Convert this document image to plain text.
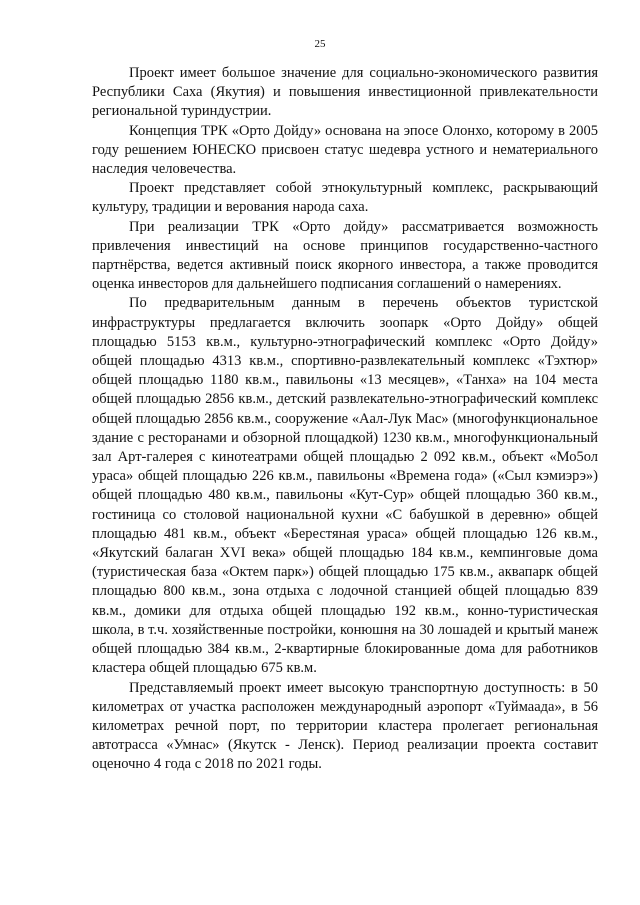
25

Проект имеет большое значение для социально-экономического развития Республики Саха (Якутия) и повышения инвестиционной привлекательности региональной туриндустрии.

Концепция ТРК «Орто Дойду» основана на эпосе Олонхо, которому в 2005 году решением ЮНЕСКО присвоен статус шедевра устного и нематериального наследия человечества.

Проект представляет собой этнокультурный комплекс, раскрывающий культуру, традиции и верования народа саха.

При реализации ТРК «Орто дойду» рассматривается возможность привлечения инвестиций на основе принципов государственно-частного партнёрства, ведется активный поиск якорного инвестора, а также проводится оценка инвесторов для дальнейшего подписания соглашений о намерениях.

По предварительным данным в перечень объектов туристской инфраструктуры предлагается включить зоопарк «Орто Дойду» общей площадью 5153 кв.м., культурно-этнографический комплекс «Орто Дойду» общей площадью 4313 кв.м., спортивно-развлекательный комплекс «Тэхтюр» общей площадью 1180 кв.м., павильоны «13 месяцев», «Танха» на 104 места общей площадью 2856 кв.м., детский развлекательно-этнографический комплекс общей площадью 2856 кв.м., сооружение «Аал-Лук Мас» (многофункциональное здание с ресторанами и обзорной площадкой) 1230 кв.м., многофункциональный зал Арт-галерея с кинотеатрами общей площадью 2 092 кв.м., объект «Мо5ол ураса» общей площадью 226 кв.м., павильоны «Времена года» («Сыл кэмиэрэ») общей площадью 480 кв.м., павильоны «Кут-Сур» общей площадью 360 кв.м., гостиница со столовой национальной кухни «С бабушкой в деревню» общей площадью 481 кв.м., объект «Берестяная ураса» общей площадью 126 кв.м., «Якутский балаган XVI века» общей площадью 184 кв.м., кемпинговые дома (туристическая база «Октем парк») общей площадью 175 кв.м., аквапарк общей площадью 800 кв.м., зона отдыха с лодочной станцией общей площадью 839 кв.м., домики для отдыха общей площадью 192 кв.м., конно-туристическая школа, в т.ч. хозяйственные постройки, конюшня на 30 лошадей и крытый манеж общей площадью 384 кв.м., 2-квартирные блокированные дома для работников кластера общей площадью 675 кв.м.

Представляемый проект имеет высокую транспортную доступность: в 50 километрах от участка расположен международный аэропорт «Туймаада», в 56 километрах речной порт, по территории кластера пролегает региональная автотрасса «Умнас» (Якутск - Ленск). Период реализации проекта составит оценочно 4 года с 2018 по 2021 годы.
